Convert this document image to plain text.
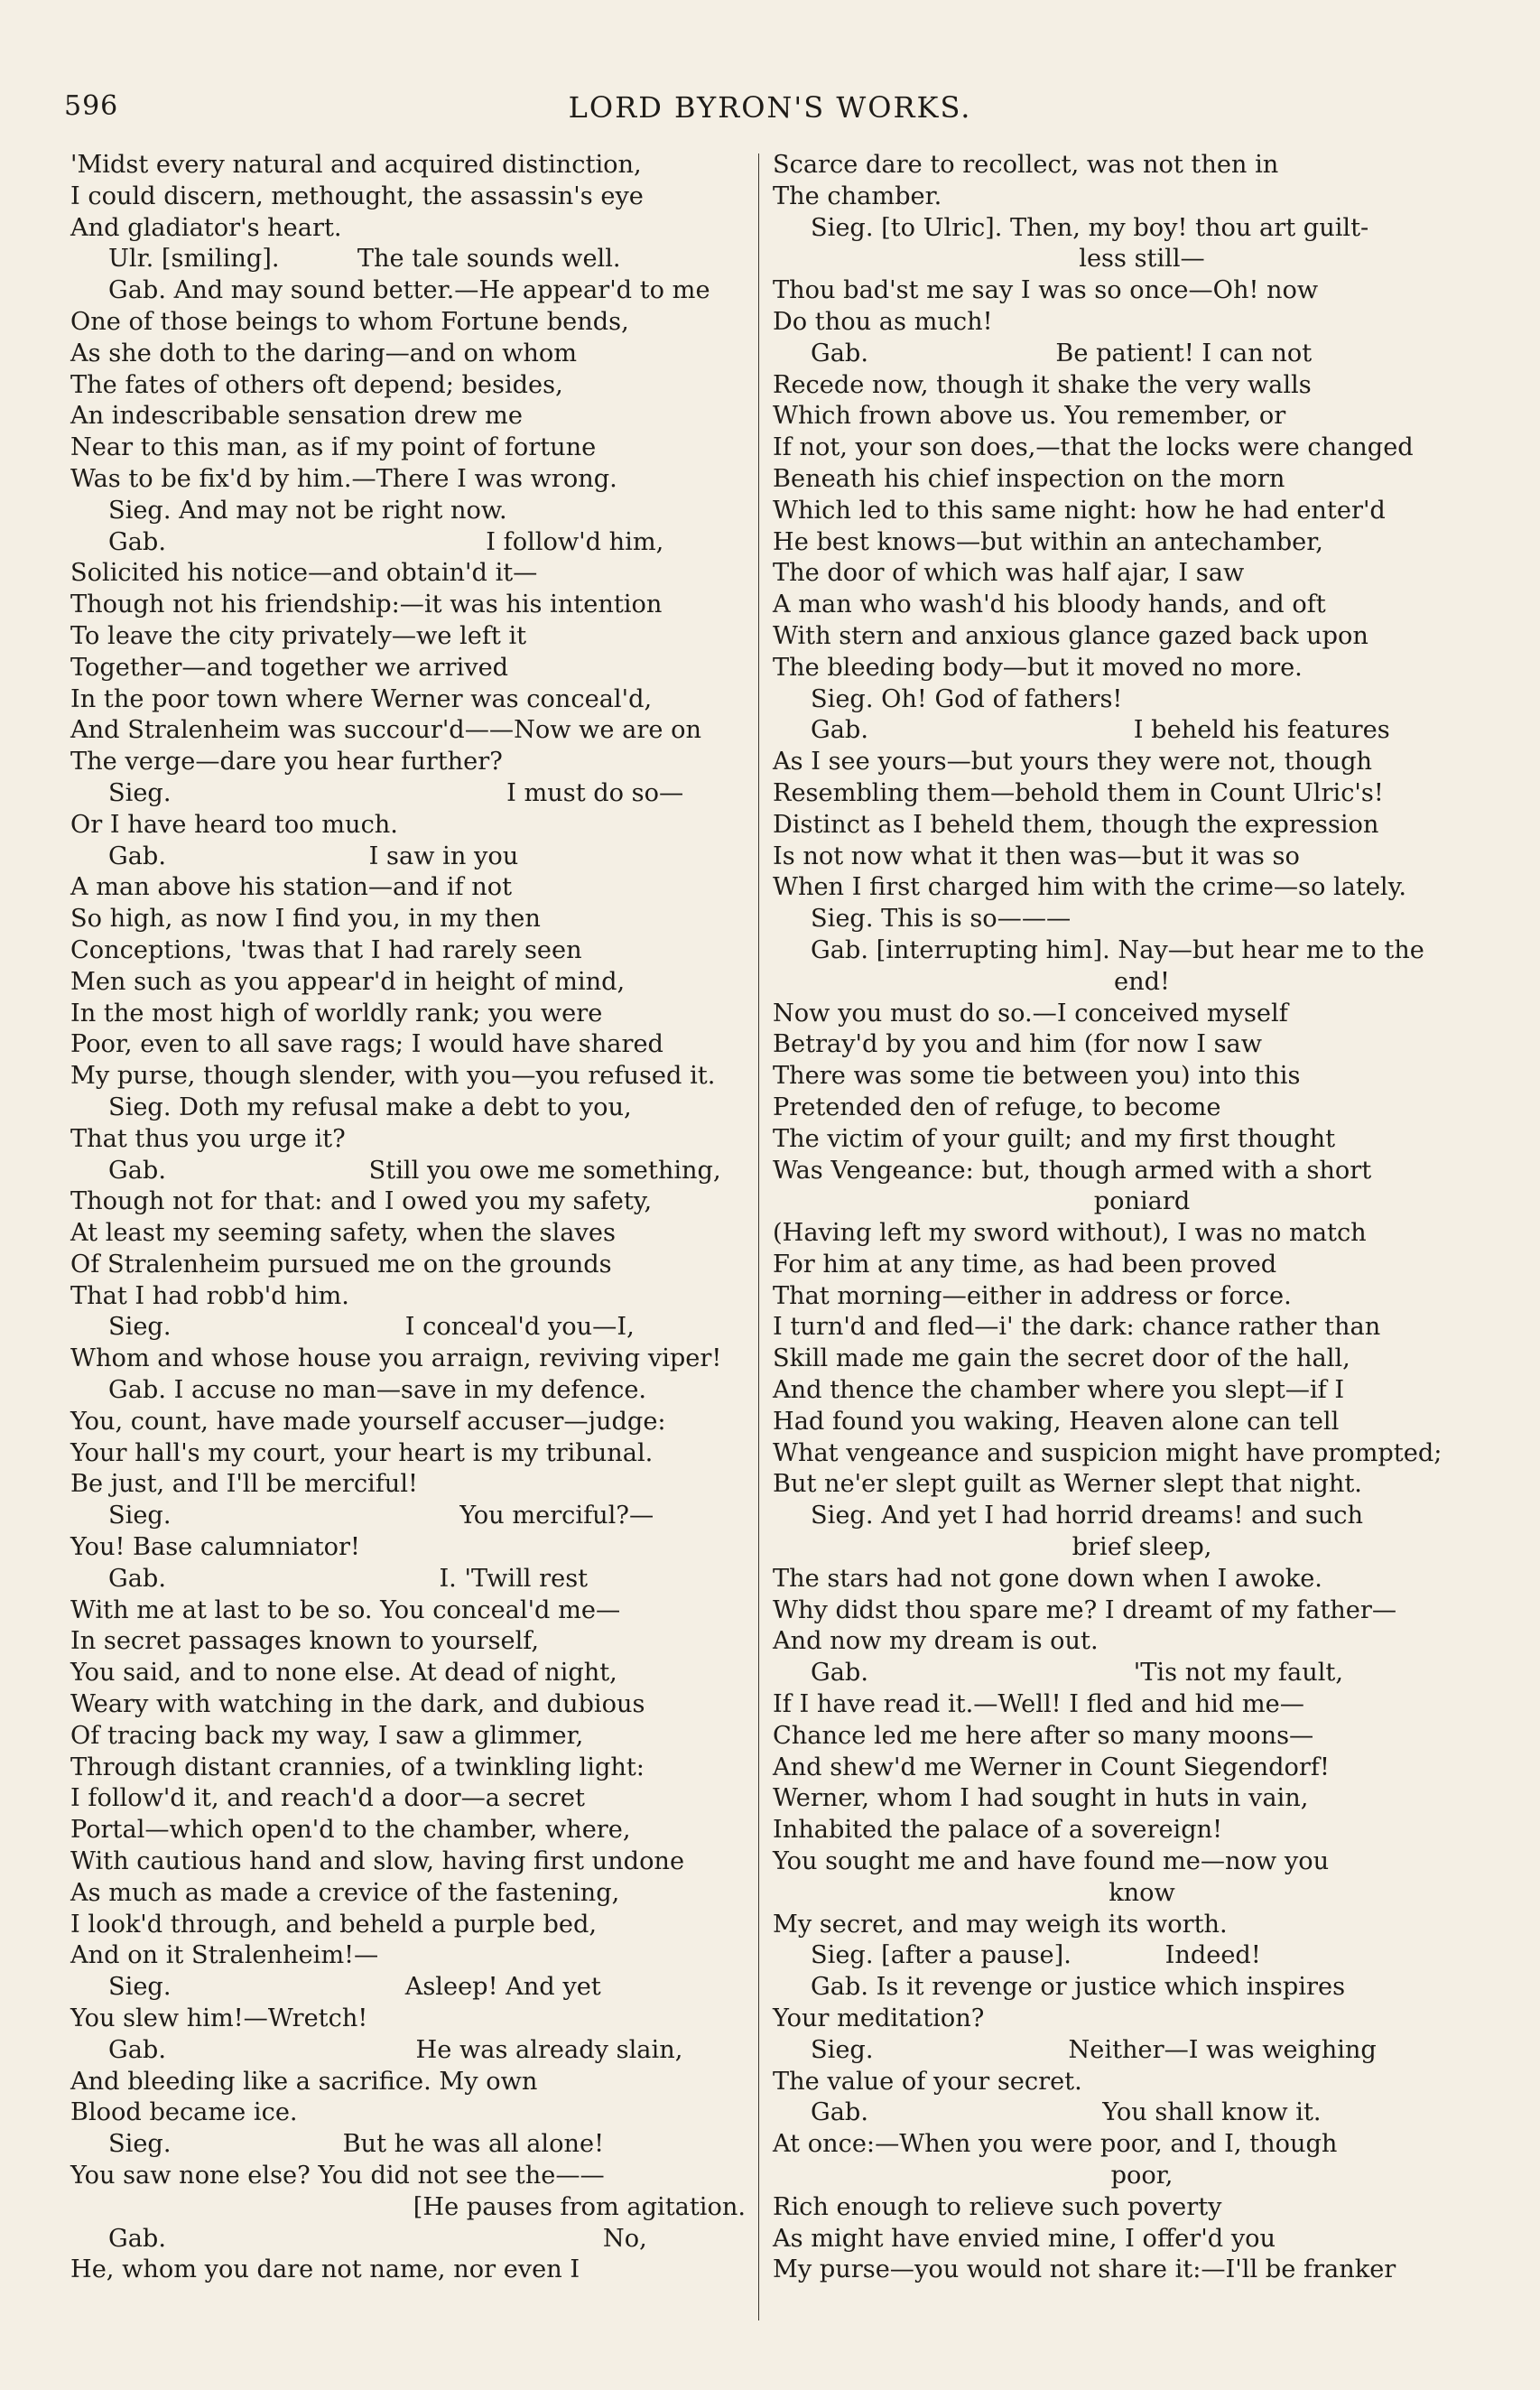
596	LORD BYRON'S WORKS.
'Midst every natural and acquired distinction,
I could discern, methought, the assassin's eye
And gladiator's heart.
Ulr. [smiling].          The tale sounds well.
Gab. And may sound better.—He appear'd to me
One of those beings to whom Fortune bends,
As she doth to the daring—and on whom
The fates of others oft depend; besides,
An indescribable sensation drew me
Near to this man, as if my point of fortune
Was to be fix'd by him.—There I was wrong.
Sieg. And may not be right now.
Gab.                                         I follow'd him,
Solicited his notice—and obtain'd it—
Though not his friendship:—it was his intention
To leave the city privately—we left it
Together—and together we arrived
In the poor town where Werner was conceal'd,
And Stralenheim was succour'd——Now we are on
The verge—dare you hear further?
Sieg.                                           I must do so—
Or I have heard too much.
Gab.                          I saw in you
A man above his station—and if not
So high, as now I find you, in my then
Conceptions, 'twas that I had rarely seen
Men such as you appear'd in height of mind,
In the most high of worldly rank; you were
Poor, even to all save rags; I would have shared
My purse, though slender, with you—you refused it.
Sieg. Doth my refusal make a debt to you,
That thus you urge it?
Gab.                          Still you owe me something,
Though not for that: and I owed you my safety,
At least my seeming safety, when the slaves
Of Stralenheim pursued me on the grounds
That I had robb'd him.
Sieg.                              I conceal'd you—I,
Whom and whose house you arraign, reviving viper!
Gab. I accuse no man—save in my defence.
You, count, have made yourself accuser—judge:
Your hall's my court, your heart is my tribunal.
Be just, and I'll be merciful!
Sieg.                                     You merciful?—
You! Base calumniator!
Gab.                                   I. 'Twill rest
With me at last to be so. You conceal'd me—
In secret passages known to yourself,
You said, and to none else. At dead of night,
Weary with watching in the dark, and dubious
Of tracing back my way, I saw a glimmer,
Through distant crannies, of a twinkling light:
I follow'd it, and reach'd a door—a secret
Portal—which open'd to the chamber, where,
With cautious hand and slow, having first undone
As much as made a crevice of the fastening,
I look'd through, and beheld a purple bed,
And on it Stralenheim!—
Sieg.                              Asleep! And yet
You slew him!—Wretch!
Gab.                                He was already slain,
And bleeding like a sacrifice. My own
Blood became ice.
Sieg.                      But he was all alone!
You saw none else? You did not see the——
[He pauses from agitation.
Gab.                                                        No,
He, whom you dare not name, nor even I
Scarce dare to recollect, was not then in
The chamber.
Sieg. [to Ulric]. Then, my boy! thou art guilt-
less still—
Thou bad'st me say I was so once—Oh! now
Do thou as much!
Gab.                        Be patient! I can not
Recede now, though it shake the very walls
Which frown above us. You remember, or
If not, your son does,—that the locks were changed
Beneath his chief inspection on the morn
Which led to this same night: how he had enter'd
He best knows—but within an antechamber,
The door of which was half ajar, I saw
A man who wash'd his bloody hands, and oft
With stern and anxious glance gazed back upon
The bleeding body—but it moved no more.
Sieg. Oh! God of fathers!
Gab.                                  I beheld his features
As I see yours—but yours they were not, though
Resembling them—behold them in Count Ulric's!
Distinct as I beheld them, though the expression
Is not now what it then was—but it was so
When I first charged him with the crime—so lately.
Sieg. This is so———
Gab. [interrupting him]. Nay—but hear me to the
end!
Now you must do so.—I conceived myself
Betray'd by you and him (for now I saw
There was some tie between you) into this
Pretended den of refuge, to become
The victim of your guilt; and my first thought
Was Vengeance: but, though armed with a short
poniard
(Having left my sword without), I was no match
For him at any time, as had been proved
That morning—either in address or force.
I turn'd and fled—i' the dark: chance rather than
Skill made me gain the secret door of the hall,
And thence the chamber where you slept—if I
Had found you waking, Heaven alone can tell
What vengeance and suspicion might have prompted;
But ne'er slept guilt as Werner slept that night.
Sieg. And yet I had horrid dreams! and such
brief sleep,
The stars had not gone down when I awoke.
Why didst thou spare me? I dreamt of my father—
And now my dream is out.
Gab.                                  'Tis not my fault,
If I have read it.—Well! I fled and hid me—
Chance led me here after so many moons—
And shew'd me Werner in Count Siegendorf!
Werner, whom I had sought in huts in vain,
Inhabited the palace of a sovereign!
You sought me and have found me—now you
know
My secret, and may weigh its worth.
Sieg. [after a pause].            Indeed!
Gab. Is it revenge or justice which inspires
Your meditation?
Sieg.                         Neither—I was weighing
The value of your secret.
Gab.                              You shall know it.
At once:—When you were poor, and I, though
poor,
Rich enough to relieve such poverty
As might have envied mine, I offer'd you
My purse—you would not share it:—I'll be franker
